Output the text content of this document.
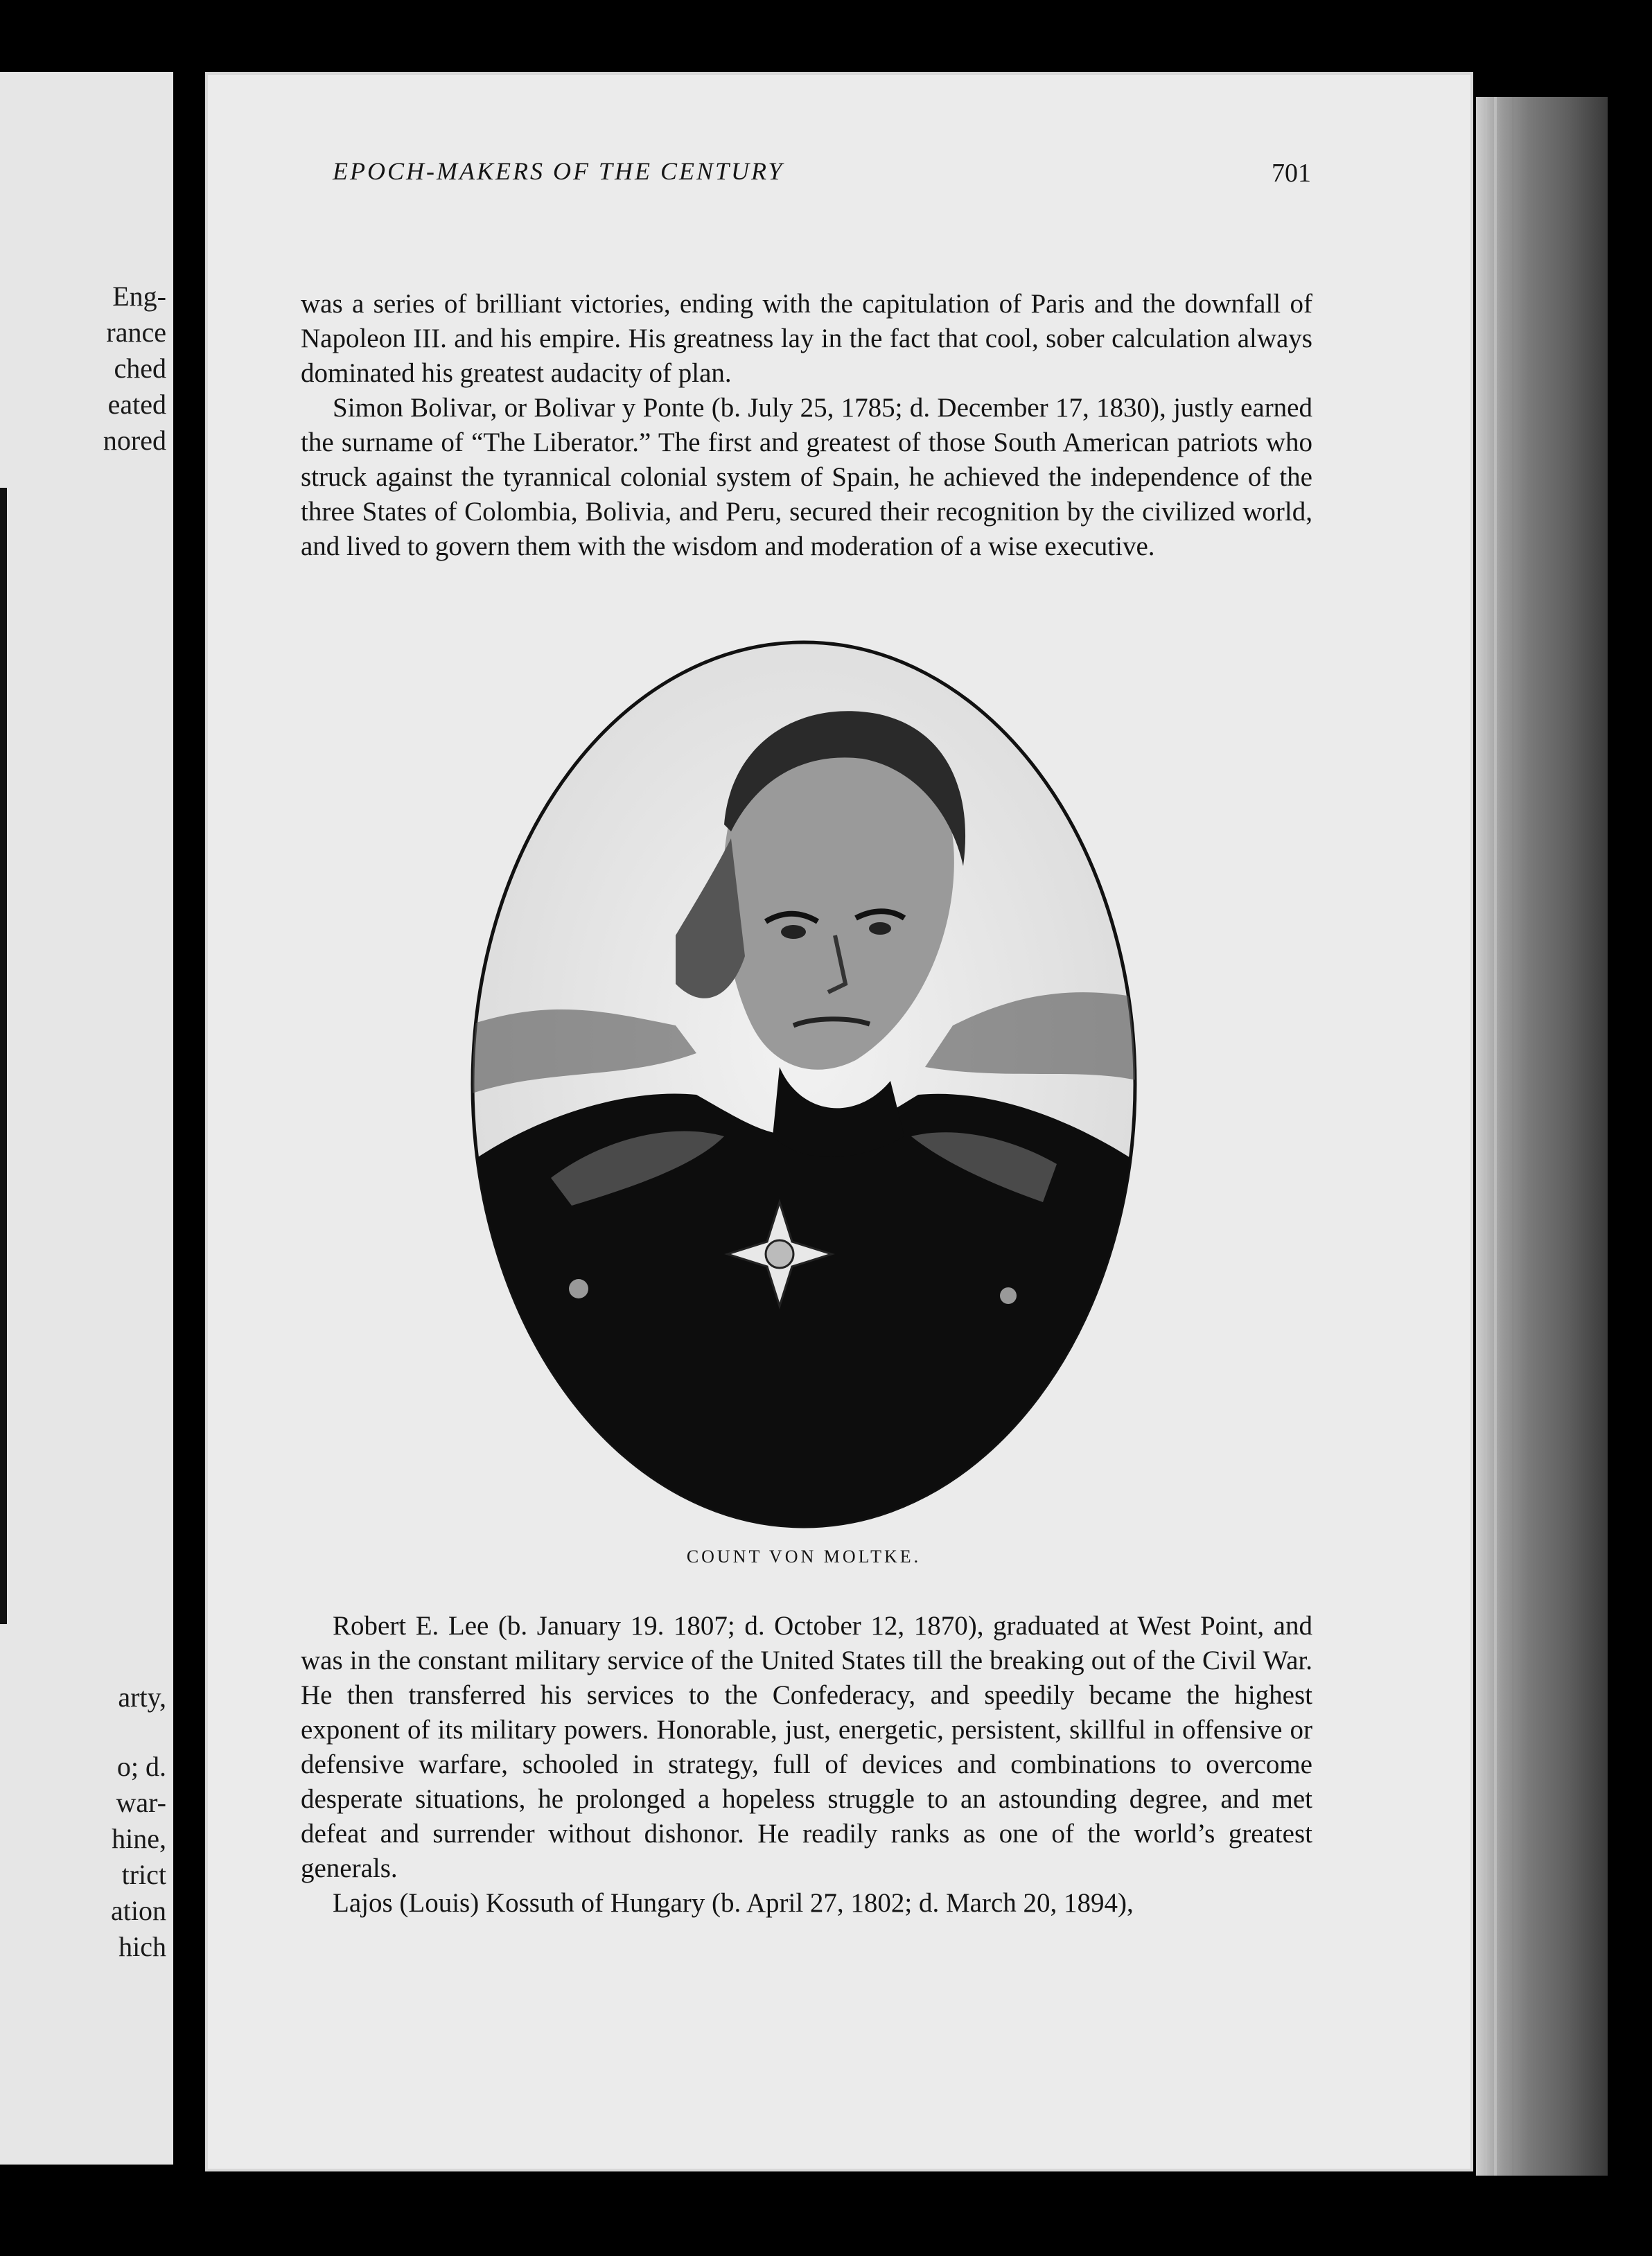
Eng-
rance
ched
eated
nored
arty,
o; d.
war-
hine,
trict
ation
hich
EPOCH-MAKERS OF THE CENTURY	701

was a series of brilliant victories, ending with the capitulation of Paris and the downfall of Napoleon III. and his empire. His greatness lay in the fact that cool, sober calculation always dominated his greatest audacity of plan.

Simon Bolivar, or Bolivar y Ponte (b. July 25, 1785; d. December 17, 1830), justly earned the surname of “The Liberator.” The first and greatest of those South American patriots who struck against the tyrannical colonial system of Spain, he achieved the independence of the three States of Colombia, Bolivia, and Peru, secured their recognition by the civilized world, and lived to govern them with the wisdom and moderation of a wise executive.

COUNT VON MOLTKE.

Robert E. Lee (b. January 19. 1807; d. October 12, 1870), graduated at West Point, and was in the constant military service of the United States till the breaking out of the Civil War. He then transferred his services to the Confederacy, and speedily became the highest exponent of its military powers. Honorable, just, energetic, persistent, skillful in offensive or defensive warfare, schooled in strategy, full of devices and combinations to overcome desperate situations, he prolonged a hopeless struggle to an astounding degree, and met defeat and surrender without dishonor. He readily ranks as one of the world’s greatest generals.

Lajos (Louis) Kossuth of Hungary (b. April 27, 1802; d. March 20, 1894),
